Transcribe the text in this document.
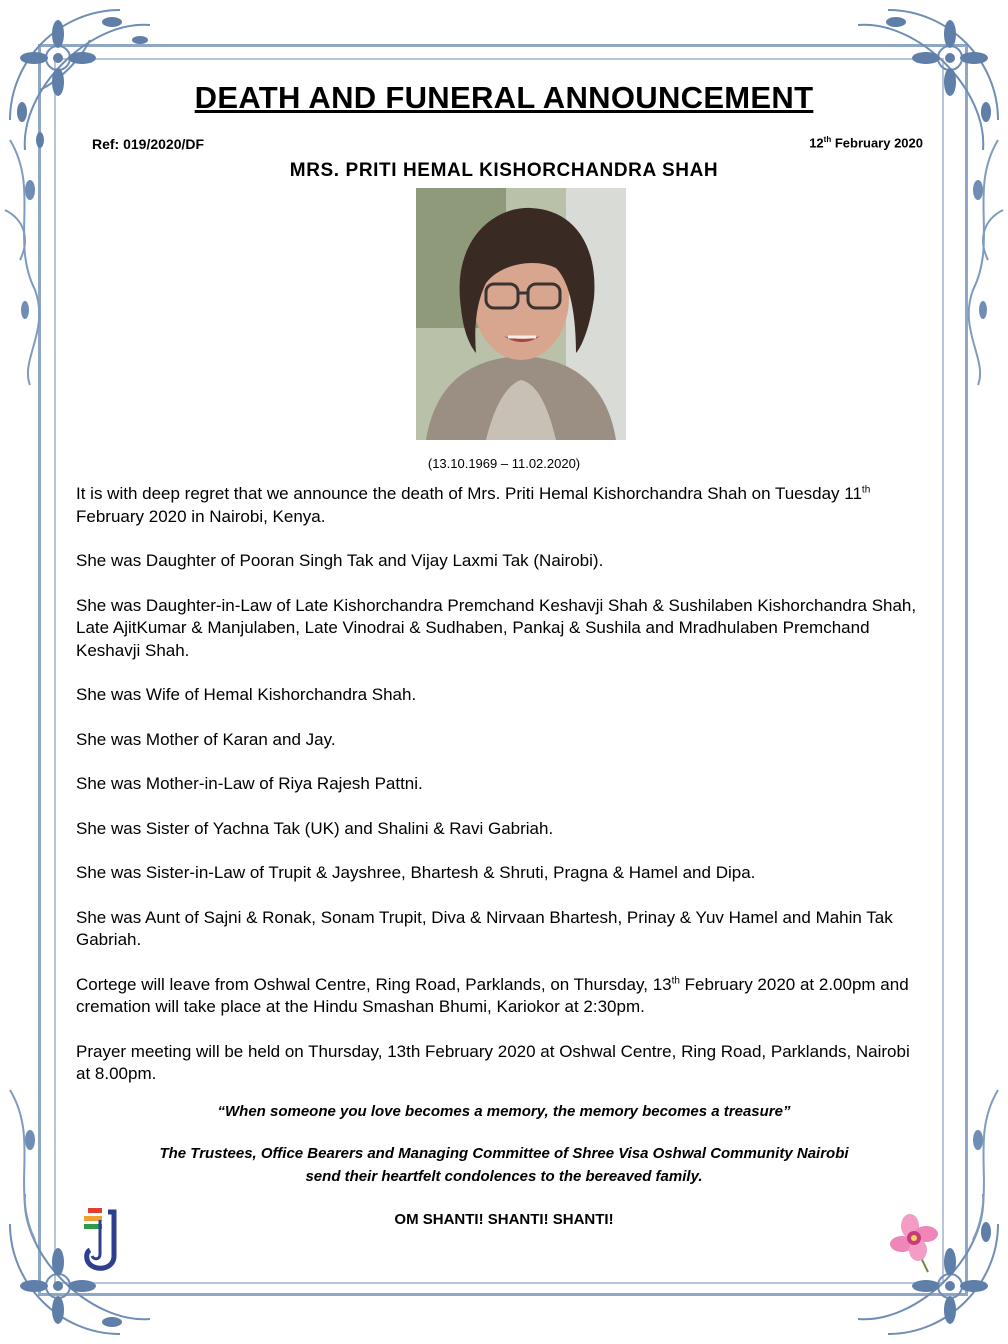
DEATH AND FUNERAL ANNOUNCEMENT
Ref: 019/2020/DF	12th February 2020
MRS. PRITI HEMAL KISHORCHANDRA SHAH
(13.10.1969 – 11.02.2020)

It is with deep regret that we announce the death of Mrs. Priti Hemal Kishorchandra Shah on Tuesday 11th February 2020 in Nairobi, Kenya.

She was Daughter of Pooran Singh Tak and Vijay Laxmi Tak (Nairobi).

She was Daughter-in-Law of Late Kishorchandra Premchand Keshavji Shah & Sushilaben Kishorchandra Shah, Late AjitKumar & Manjulaben, Late Vinodrai & Sudhaben, Pankaj & Sushila and Mradhulaben Premchand Keshavji Shah.

She was Wife of Hemal Kishorchandra Shah.

She was Mother of Karan and Jay.

She was Mother-in-Law of Riya Rajesh Pattni.

She was Sister of Yachna Tak (UK) and Shalini & Ravi Gabriah.

She was Sister-in-Law of Trupit & Jayshree, Bhartesh & Shruti, Pragna & Hamel and Dipa.

She was Aunt of Sajni & Ronak, Sonam Trupit, Diva & Nirvaan Bhartesh, Prinay & Yuv Hamel and Mahin Tak Gabriah.

Cortege will leave from Oshwal Centre, Ring Road, Parklands, on Thursday, 13th February 2020 at 2.00pm and cremation will take place at the Hindu Smashan Bhumi, Kariokor at 2:30pm.

Prayer meeting will be held on Thursday, 13th February 2020 at Oshwal Centre, Ring Road, Parklands, Nairobi at 8.00pm.

“When someone you love becomes a memory, the memory becomes a treasure”
The Trustees, Office Bearers and Managing Committee of Shree Visa Oshwal Community Nairobi
send their heartfelt condolences to the bereaved family.
OM SHANTI! SHANTI! SHANTI!
